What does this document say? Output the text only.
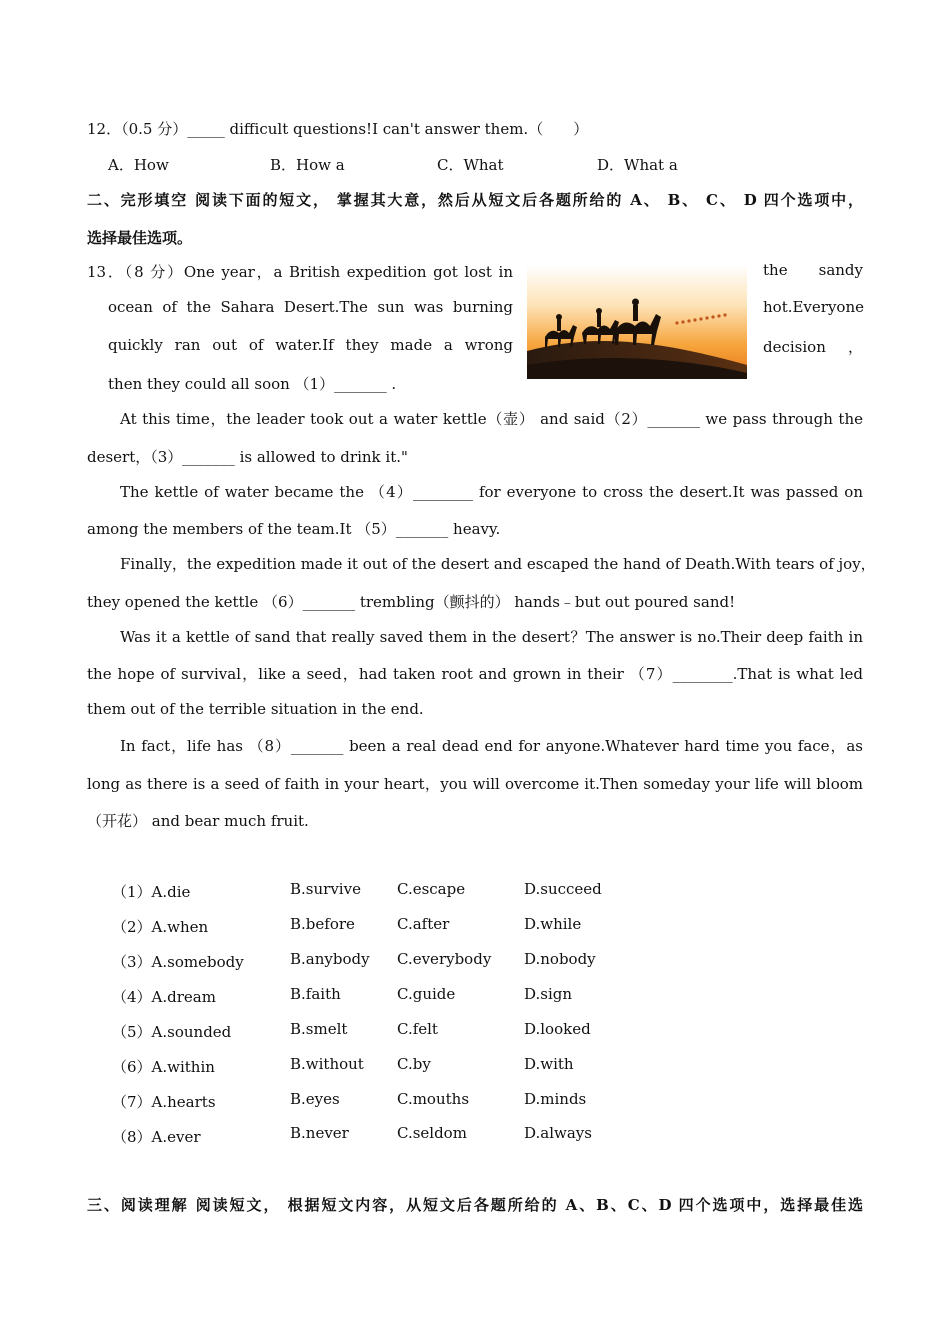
12．（0.5 分）_____ difficult questions!I can't answer them.（　　）
A．How	B．How a	C．What	D．What a
二、完形填空 阅读下面的短文， 掌握其大意，然后从短文后各题所给的 A、 B、 C、 D 四个选项中，
选择最佳选项。
13．（8 分）One year，a British expedition got lost in
ocean of the Sahara Desert.The sun was burning
quickly ran out of water.If they made a wrong
then they could all soon （1）_______ .
the sandy
hot.Everyone
decision ，
At this time，the leader took out a water kettle（壶） and said（2）_______ we pass through the
desert，（3）_______ is allowed to drink it."
The kettle of water became the （4）________ for everyone to cross the desert.It was passed on
among the members of the team.It （5）_______ heavy.
Finally，the expedition made it out of the desert and escaped the hand of Death.With tears of joy，
they opened the kettle （6）_______ trembling（颤抖的） hands﹣but out poured sand!
Was it a kettle of sand that really saved them in the desert？The answer is no.Their deep faith in
the hope of survival，like a seed，had taken root and grown in their （7）________.That is what led
them out of the terrible situation in the end.
In fact，life has （8）_______ been a real dead end for anyone.Whatever hard time you face，as
long as there is a seed of faith in your heart，you will overcome it.Then someday your life will bloom
（开花） and bear much fruit.
（1）A.die	B.survive C.escape	D.succeed
（2）A.when	B.before	C.after	D.while
（3）A.somebody	B.anybody C.everybody D.nobody
（4）A.dream	B.faith	C.guide	D.sign
（5）A.sounded	B.smelt	C.felt	D.looked
（6）A.within	B.without C.by	D.with
（7）A.hearts	B.eyes	C.mouths	D.minds
（8）A.ever	B.never	C.seldom	D.always
三、阅读理解 阅读短文， 根据短文内容，从短文后各题所给的 A、B、C、D 四个选项中，选择最佳选
